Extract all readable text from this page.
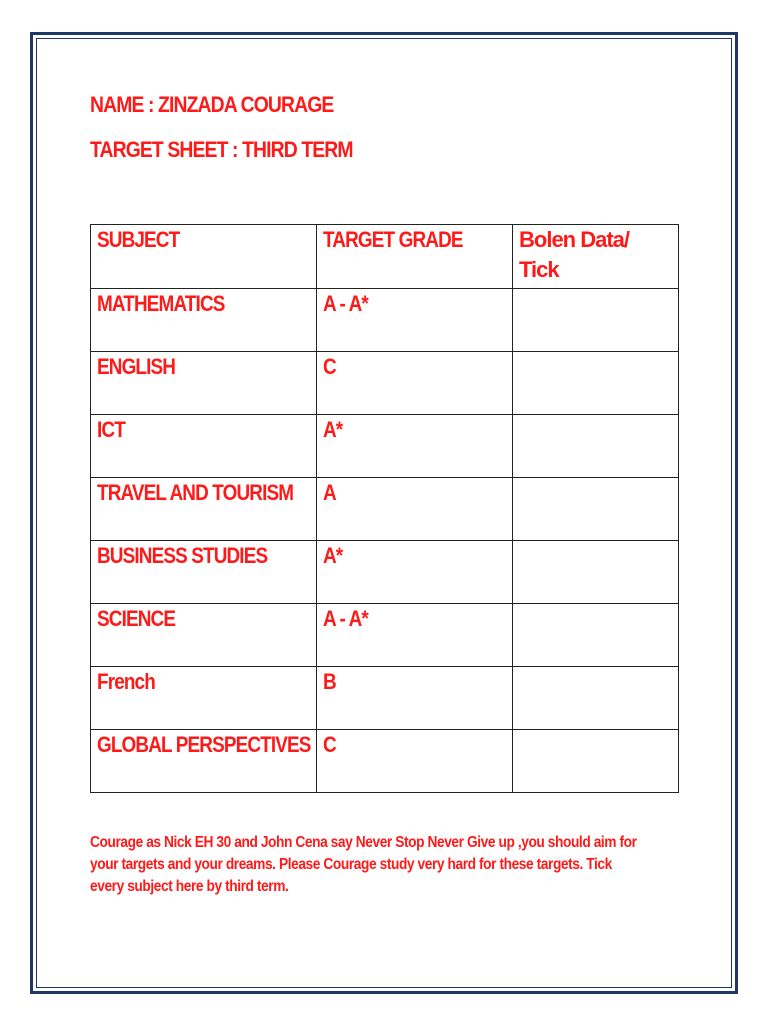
NAME : ZINZADA COURAGE
TARGET SHEET : THIRD TERM
SUBJECT	TARGET GRADE	Bolen Data/ Tick

MATHEMATICS	A - A*	
ENGLISH	C	
ICT	A*	
TRAVEL AND TOURISM	A	
BUSINESS STUDIES	A*	
SCIENCE	A - A*	
French	B	
GLOBAL PERSPECTIVES	C	
Courage as Nick EH 30 and John Cena say Never Stop Never Give up ,you should aim for your targets and your dreams. Please Courage study very hard for these targets. Tick every subject here by third term.
